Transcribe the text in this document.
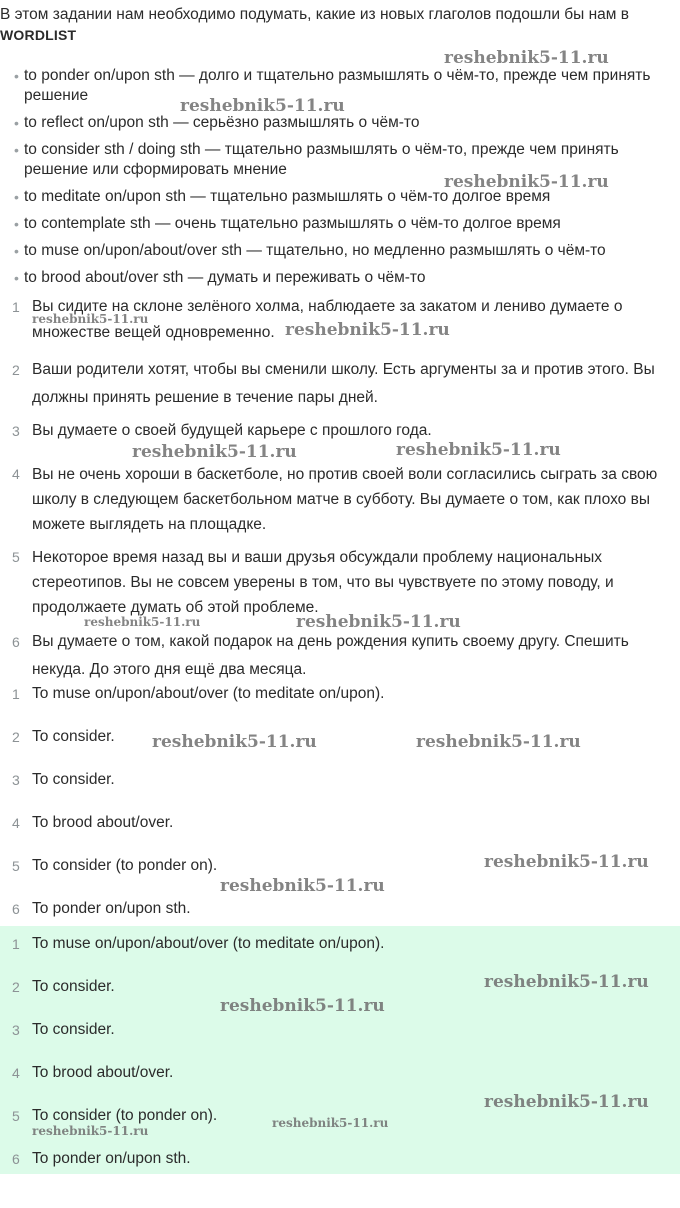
В этом задании нам необходимо подумать, какие из новых глаголов подошли бы нам в
WORDLIST
• to ponder on/upon sth — долго и тщательно размышлять о чём-то, прежде чем принять решение
• to reflect on/upon sth — серьёзно размышлять о чём-то
• to consider sth / doing sth — тщательно размышлять о чём-то, прежде чем принять решение или сформировать мнение
• to meditate on/upon sth — тщательно размышлять о чём-то долгое время
• to contemplate sth — очень тщательно размышлять о чём-то долгое время
• to muse on/upon/about/over sth — тщательно, но медленно размышлять о чём-то
• to brood about/over sth — думать и переживать о чём-то
1 Вы сидите на склоне зелёного холма, наблюдаете за закатом и лениво думаете о множестве вещей одновременно.
2 Ваши родители хотят, чтобы вы сменили школу. Есть аргументы за и против этого. Вы должны принять решение в течение пары дней.
3 Вы думаете о своей будущей карьере с прошлого года.
4 Вы не очень хороши в баскетболе, но против своей воли согласились сыграть за свою школу в следующем баскетбольном матче в субботу. Вы думаете о том, как плохо вы можете выглядеть на площадке.
5 Некоторое время назад вы и ваши друзья обсуждали проблему национальных стереотипов. Вы не совсем уверены в том, что вы чувствуете по этому поводу, и продолжаете думать об этой проблеме.
6 Вы думаете о том, какой подарок на день рождения купить своему другу. Спешить некуда. До этого дня ещё два месяца.
1 To muse on/upon/about/over (to meditate on/upon).
2 To consider.
3 To consider.
4 To brood about/over.
5 To consider (to ponder on).
6 To ponder on/upon sth.
1 To muse on/upon/about/over (to meditate on/upon).
2 To consider.
3 To consider.
4 To brood about/over.
5 To consider (to ponder on).
6 To ponder on/upon sth.
reshebnik5-11.ru
reshebnik5-11.ru
reshebnik5-11.ru
reshebnik5-11.ru
reshebnik5-11.ru
reshebnik5-11.ru	reshebnik5-11.ru
reshebnik5-11.ru	reshebnik5-11.ru
reshebnik5-11.ru	reshebnik5-11.ru
reshebnik5-11.ru
reshebnik5-11.ru
reshebnik5-11.ru
reshebnik5-11.ru
reshebnik5-11.ru
reshebnik5-11.ru
reshebnik5-11.ru
